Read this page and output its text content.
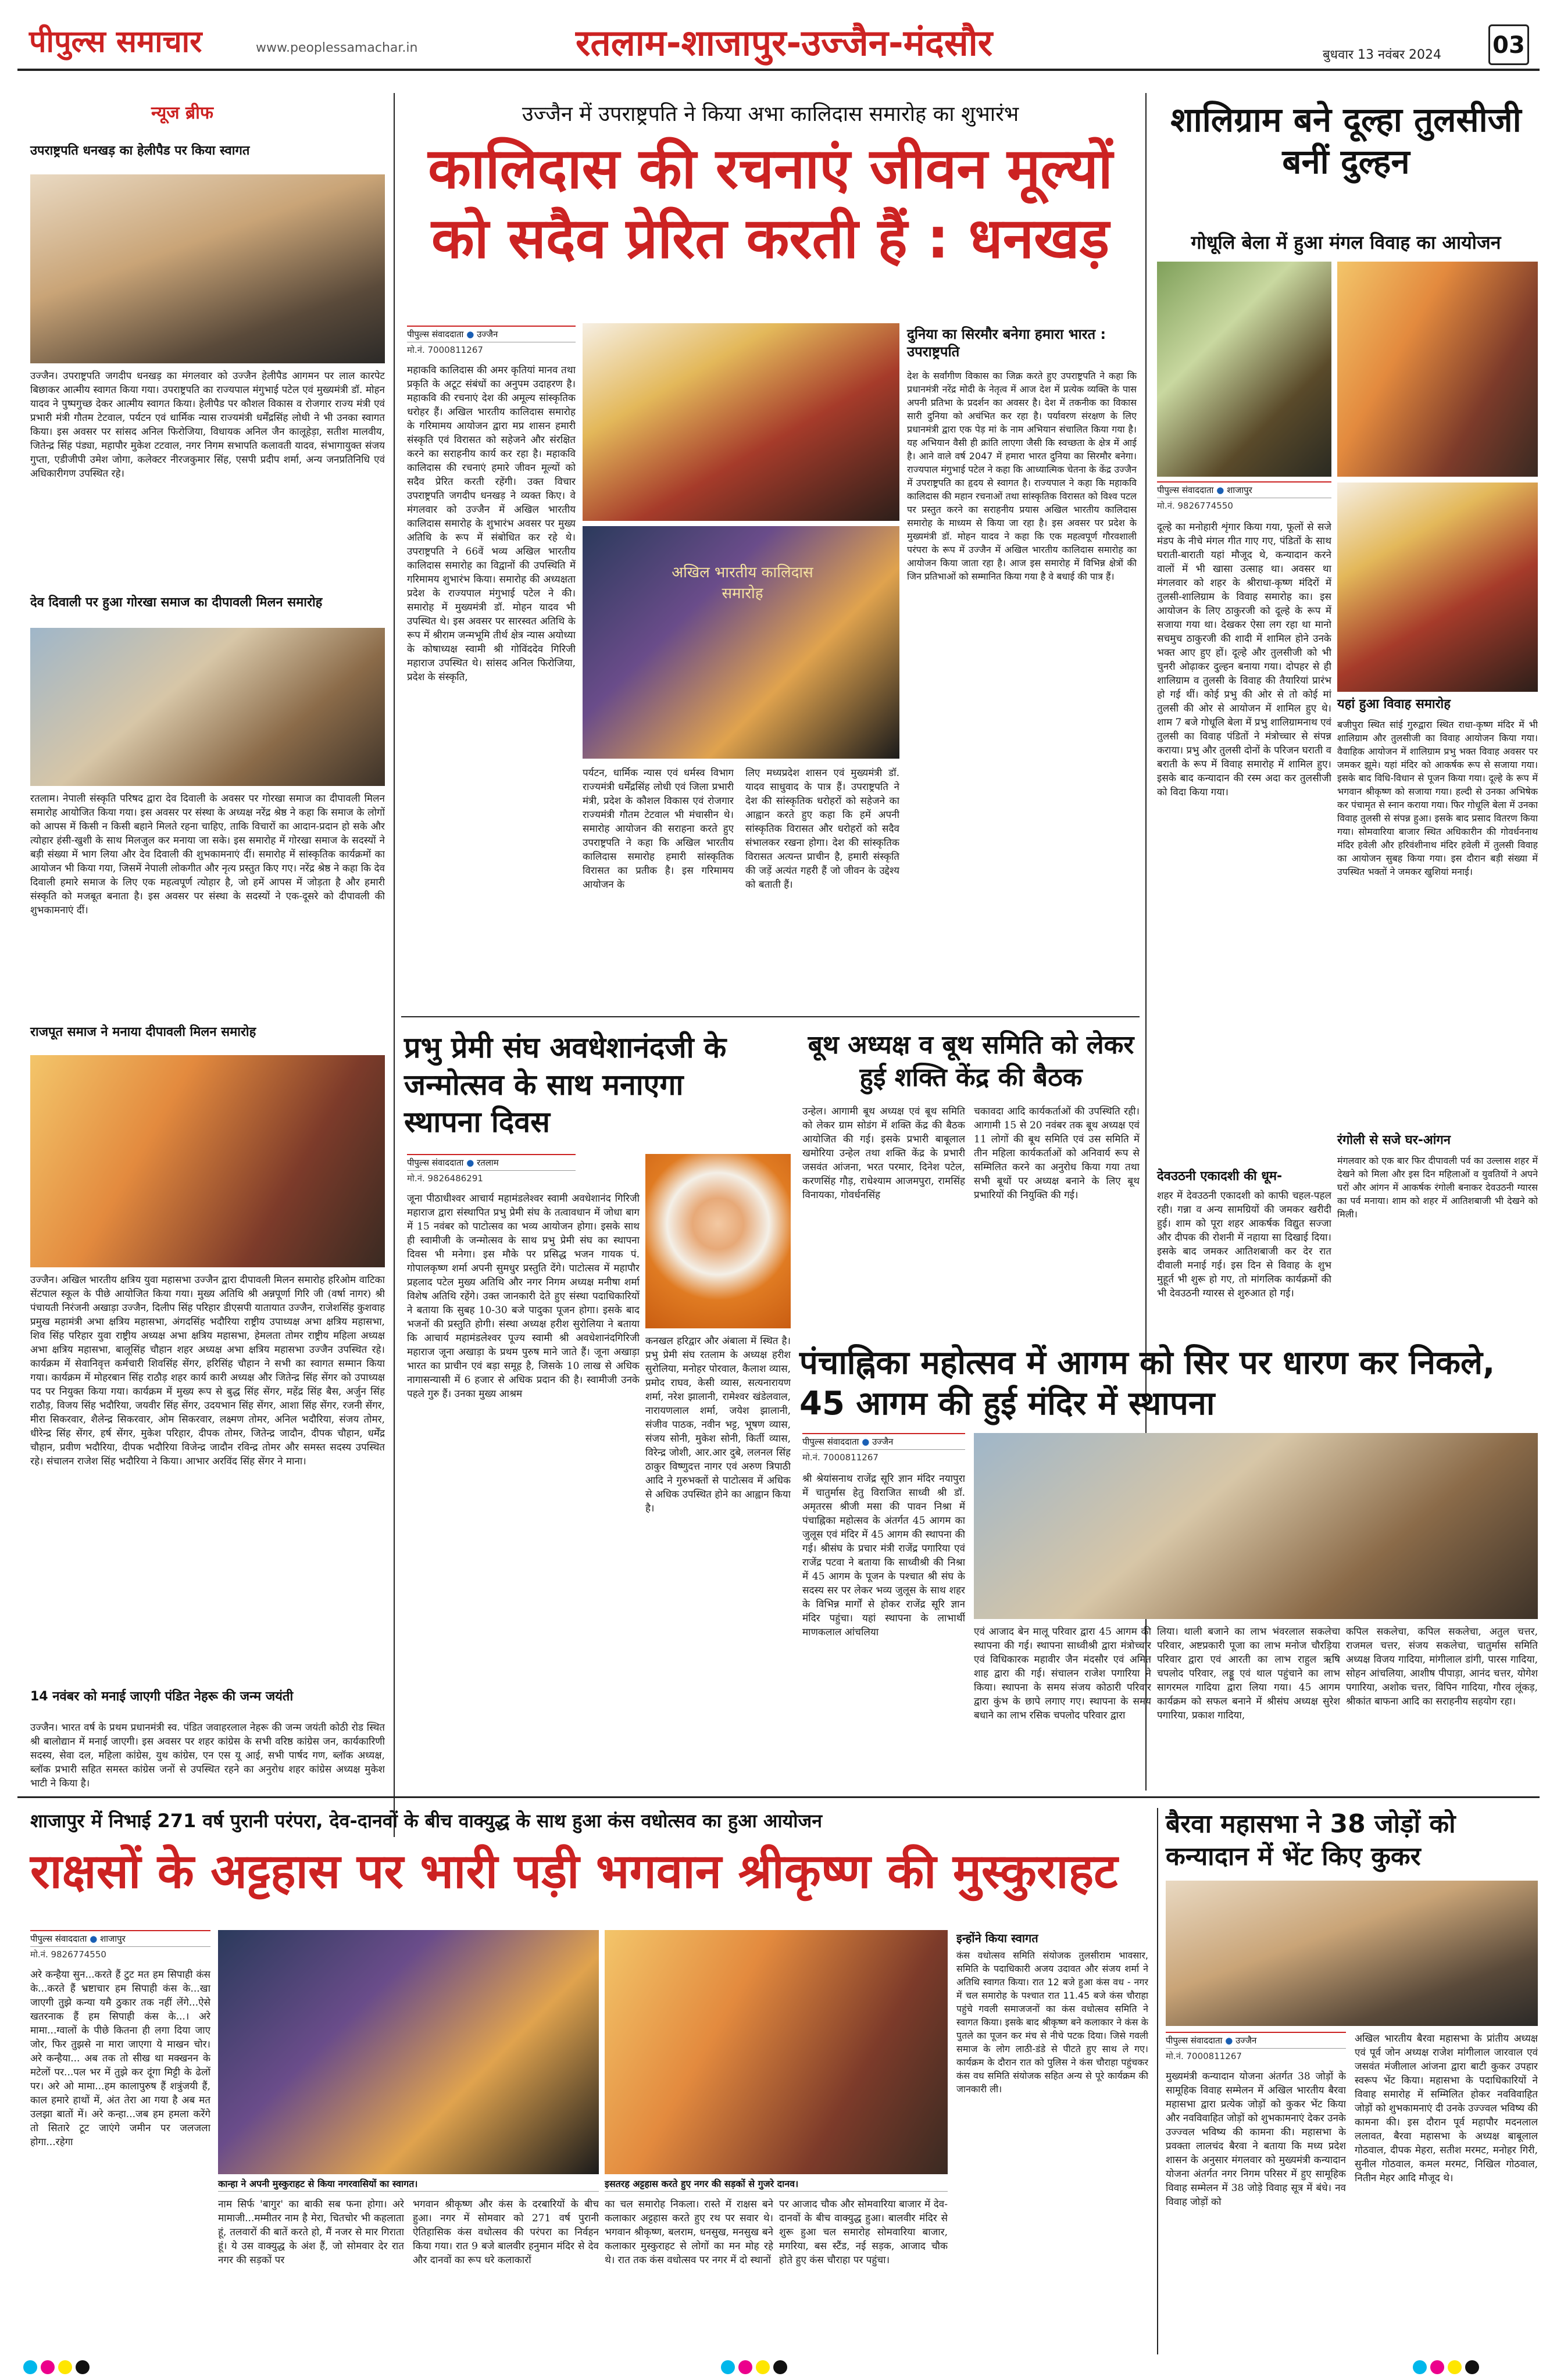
पीपुल्स समाचार	www.peoplessamachar.in	रतलाम-शाजापुर-उज्जैन-मंदसौर	बुधवार 13 नवंबर 2024 03
न्यूज ब्रीफ
उपराष्ट्रपति धनखड़ का हेलीपैड पर किया स्वागत
उज्जैन। उपराष्ट्रपति जगदीप धनखड़ का मंगलवार को उज्जैन हेलीपैड आगमन पर लाल कारपेट बिछाकर आत्मीय स्वागत किया गया। उपराष्ट्रपति का राज्यपाल मंगुभाई पटेल एवं मुख्यमंत्री डॉ. मोहन यादव ने पुष्पगुच्छ देकर आत्मीय स्वागत किया। हेलीपैड पर कौशल विकास व रोजगार राज्य मंत्री एवं प्रभारी मंत्री गौतम टेटवाल, पर्यटन एवं धार्मिक न्यास राज्यमंत्री धर्मेंद्रसिंह लोधी ने भी उनका स्वागत किया। इस अवसर पर सांसद अनिल फिरोजिया, विधायक अनिल जैन कालूहेड़ा, सतीश मालवीय, जितेन्द्र सिंह पंड्या, महापौर मुकेश टटवाल, नगर निगम सभापति कलावती यादव, संभागायुक्त संजय गुप्ता, एडीजीपी उमेश जोगा, कलेक्टर नीरजकुमार सिंह, एसपी प्रदीप शर्मा, अन्य जनप्रतिनिधि एवं अधिकारीगण उपस्थित रहे।
देव दिवाली पर हुआ गोरखा समाज का दीपावली मिलन समारोह
रतलाम। नेपाली संस्कृति परिषद द्वारा देव दिवाली के अवसर पर गोरखा समाज का दीपावली मिलन समारोह आयोजित किया गया। इस अवसर पर संस्था के अध्यक्ष नरेंद्र श्रेष्ठ ने कहा कि समाज के लोगों को आपस में किसी न किसी बहाने मिलते रहना चाहिए, ताकि विचारों का आदान-प्रदान हो सके और त्योहार हंसी-खुशी के साथ मिलजुल कर मनाया जा सके। इस समारोह में गोरखा समाज के सदस्यों ने बड़ी संख्या में भाग लिया और देव दिवाली की शुभकामनाएं दीं। समारोह में सांस्कृतिक कार्यक्रमों का आयोजन भी किया गया, जिसमें नेपाली लोकगीत और नृत्य प्रस्तुत किए गए। नरेंद्र श्रेष्ठ ने कहा कि देव दिवाली हमारे समाज के लिए एक महत्वपूर्ण त्योहार है, जो हमें आपस में जोड़ता है और हमारी संस्कृति को मजबूत बनाता है। इस अवसर पर संस्था के सदस्यों ने एक-दूसरे को दीपावली की शुभकामनाएं दीं।
राजपूत समाज ने मनाया दीपावली मिलन समारोह
उज्जैन। अखिल भारतीय क्षत्रिय युवा महासभा उज्जैन द्वारा दीपावली मिलन समारोह हरिओम वाटिका सेंटपाल स्कूल के पीछे आयोजित किया गया। मुख्य अतिथि श्री अन्नपूर्णा गिरि जी (वर्षा नागर) श्री पंचायती निरंजनी अखाड़ा उज्जैन, दिलीप सिंह परिहार डीएसपी यातायात उज्जैन, राजेशसिंह कुशवाह प्रमुख महामंत्री अभा क्षत्रिय महासभा, अंगदसिंह भदौरिया राष्ट्रीय उपाध्यक्ष अभा क्षत्रिय महासभा, शिव सिंह परिहार युवा राष्ट्रीय अध्यक्ष अभा क्षत्रिय महासभा, हेमलता तोमर राष्ट्रीय महिला अध्यक्ष अभा क्षत्रिय महासभा, बालूसिंह चौहान शहर अध्यक्ष अभा क्षत्रिय महासभा उज्जैन उपस्थित रहे। कार्यक्रम में सेवानिवृत्त कर्मचारी शिवसिंह सेंगर, हरिसिंह चौहान ने सभी का स्वागत सम्मान किया गया। कार्यक्रम में मोहरबान सिंह राठौड़ शहर कार्य कारी अध्यक्ष और जितेन्द्र सिंह सेंगर को उपाध्यक्ष पद पर नियुक्त किया गया। कार्यक्रम में मुख्य रूप से बुद्ध सिंह सेंगर, महेंद्र सिंह बैस, अर्जुन सिंह राठौड़, विजय सिंह भदौरिया, जयवीर सिंह सेंगर, उदयभान सिंह सेंगर, आशा सिंह सेंगर, रजनी सेंगर, मीरा सिकरवार, शैलेन्द्र सिकरवार, ओम सिकरवार, लक्ष्मण तोमर, अनिल भदौरिया, संजय तोमर, धीरेन्द्र सिंह सेंगर, हर्ष सेंगर, मुकेश परिहार, दीपक तोमर, जितेन्द्र जादौन, दीपक चौहान, धर्मेंद्र चौहान, प्रवीण भदौरिया, दीपक भदौरिया विजेन्द्र जादौन रविन्द्र तोमर और समस्त सदस्य उपस्थित रहे। संचालन राजेश सिंह भदौरिया ने किया। आभार अरविंद सिंह सेंगर ने माना।
14 नवंबर को मनाई जाएगी पंडित नेहरू की जन्म जयंती
उज्जैन। भारत वर्ष के प्रथम प्रधानमंत्री स्व. पंडित जवाहरलाल नेहरू की जन्म जयंती कोठी रोड स्थित श्री बालोद्यान में मनाई जाएगी। इस अवसर पर शहर कांग्रेस के सभी वरिष्ठ कांग्रेस जन, कार्यकारिणी सदस्य, सेवा दल, महिला कांग्रेस, युथ कांग्रेस, एन एस यू आई, सभी पार्षद गण, ब्लॉक अध्यक्ष, ब्लॉक प्रभारी सहित समस्त कांग्रेस जनों से उपस्थित रहने का अनुरोध शहर कांग्रेस अध्यक्ष मुकेश भाटी ने किया है।
उज्जैन में उपराष्ट्रपति ने किया अभा कालिदास समारोह का शुभारंभ
कालिदास की रचनाएं जीवन मूल्यों को सदैव प्रेरित करती हैं : धनखड़
पीपुल्स संवाददाता ● उज्जैन
मो.नं. 7000811267
महाकवि कालिदास की अमर कृतियां मानव तथा प्रकृति के अटूट संबंधों का अनुपम उदाहरण है। महाकवि की रचनाएं देश की अमूल्य सांस्कृतिक धरोहर हैं। अखिल भारतीय कालिदास समारोह के गरिमामय आयोजन द्वारा मप्र शासन हमारी संस्कृति एवं विरासत को सहेजने और संरक्षित करने का सराहनीय कार्य कर रहा है। महाकवि कालिदास की रचनाएं हमारे जीवन मूल्यों को सदैव प्रेरित करती रहेंगी। उक्त विचार उपराष्ट्रपति जगदीप धनखड़ ने व्यक्त किए। वे मंगलवार को उज्जैन में अखिल भारतीय कालिदास समारोह के शुभारंभ अवसर पर मुख्य अतिथि के रूप में संबोधित कर रहे थे। उपराष्ट्रपति ने 66वें भव्य अखिल भारतीय कालिदास समारोह का विद्वानों की उपस्थिति में गरिमामय शुभारंभ किया। समारोह की अध्यक्षता प्रदेश के राज्यपाल मंगुभाई पटेल ने की। समारोह में मुख्यमंत्री डॉ. मोहन यादव भी उपस्थित थे। इस अवसर पर सारस्वत अतिथि के रूप में श्रीराम जन्मभूमि तीर्थ क्षेत्र न्यास अयोध्या के कोषाध्यक्ष स्वामी श्री गोविंददेव गिरिजी महाराज उपस्थित थे। सांसद अनिल फिरोजिया, प्रदेश के संस्कृति,
अखिल भारतीय कालिदास समारोह
पर्यटन, धार्मिक न्यास एवं धर्मस्व विभाग राज्यमंत्री धर्मेंद्रसिंह लोधी एवं जिला प्रभारी मंत्री, प्रदेश के कौशल विकास एवं रोजगार राज्यमंत्री गौतम टेटवाल भी मंचासीन थे। समारोह आयोजन की सराहना करते हुए उपराष्ट्रपति ने कहा कि अखिल भारतीय कालिदास समारोह हमारी सांस्कृतिक विरासत का प्रतीक है। इस गरिमामय आयोजन के
लिए मध्यप्रदेश शासन एवं मुख्यमंत्री डॉ. यादव साधुवाद के पात्र हैं। उपराष्ट्रपति ने देश की सांस्कृतिक धरोहरों को सहेजने का आह्वान करते हुए कहा कि हमें अपनी सांस्कृतिक विरासत और धरोहरों को सदैव संभालकर रखना होगा। देश की सांस्कृतिक विरासत अत्यन्त प्राचीन है, हमारी संस्कृति की जड़ें अत्यंत गहरी हैं जो जीवन के उद्देश्य को बताती हैं।
दुनिया का सिरमौर बनेगा हमारा भारत : उपराष्ट्रपति
देश के सर्वांगीण विकास का जिक्र करते हुए उपराष्ट्रपति ने कहा कि प्रधानमंत्री नरेंद्र मोदी के नेतृत्व में आज देश में प्रत्येक व्यक्ति के पास अपनी प्रतिभा के प्रदर्शन का अवसर है। देश में तकनीक का विकास सारी दुनिया को अचंभित कर रहा है। पर्यावरण संरक्षण के लिए प्रधानमंत्री द्वारा एक पेड़ मां के नाम अभियान संचालित किया गया है। यह अभियान वैसी ही क्रांति लाएगा जैसी कि स्वच्छता के क्षेत्र में आई है। आने वाले वर्ष 2047 में हमारा भारत दुनिया का सिरमौर बनेगा। राज्यपाल मंगुभाई पटेल ने कहा कि आध्यात्मिक चेतना के केंद्र उज्जैन में उपराष्ट्रपति का हृदय से स्वागत है। राज्यपाल ने कहा कि महाकवि कालिदास की महान रचनाओं तथा सांस्कृतिक विरासत को विश्व पटल पर प्रस्तुत करने का सराहनीय प्रयास अखिल भारतीय कालिदास समारोह के माध्यम से किया जा रहा है। इस अवसर पर प्रदेश के मुख्यमंत्री डॉ. मोहन यादव ने कहा कि एक महत्वपूर्ण गौरवशाली परंपरा के रूप में उज्जैन में अखिल भारतीय कालिदास समारोह का आयोजन किया जाता रहा है। आज इस समारोह में विभिन्न क्षेत्रों की जिन प्रतिभाओं को सम्मानित किया गया है वे बधाई की पात्र हैं।
शालिग्राम बने दूल्हा तुलसीजी बनीं दुल्हन
गोधूलि बेला में हुआ मंगल विवाह का आयोजन
पीपुल्स संवाददाता ● शाजापुर
मो.नं. 9826774550
दूल्हे का मनोहारी शृंगार किया गया, फूलों से सजे मंडप के नीचे मंगल गीत गाए गए, पंडितों के साथ घराती-बाराती यहां मौजूद थे, कन्यादान करने वालों में भी खासा उत्साह था। अवसर था मंगलवार को शहर के श्रीराधा-कृष्ण मंदिरों में तुलसी-शालिग्राम के विवाह समारोह का। इस आयोजन के लिए ठाकुरजी को दूल्हे के रूप में सजाया गया था। देखकर ऐसा लग रहा था मानो सचमुच ठाकुरजी की शादी में शामिल होने उनके भक्त आए हुए हों। दूल्हे और तुलसीजी को भी चुनरी ओढ़ाकर दुल्हन बनाया गया। दोपहर से ही शालिग्राम व तुलसी के विवाह की तैयारियां प्रारंभ हो गई थीं। कोई प्रभु की ओर से तो कोई मां तुलसी की ओर से आयोजन में शामिल हुए थे। शाम 7 बजे गोधूलि बेला में प्रभु शालिग्रामनाथ एवं तुलसी का विवाह पंडितों ने मंत्रोच्चार से संपन्न कराया। प्रभु और तुलसी दोनों के परिजन घराती व बराती के रूप में विवाह समारोह में शामिल हुए। इसके बाद कन्यादान की रस्म अदा कर तुलसीजी को विदा किया गया।
यहां हुआ विवाह समारोह
बजीपुरा स्थित सांई गुरुद्वारा स्थित राधा-कृष्ण मंदिर में भी शालिग्राम और तुलसीजी का विवाह आयोजन किया गया। वैवाहिक आयोजन में शालिग्राम प्रभु भक्त विवाह अवसर पर जमकर झूमे। यहां मंदिर को आकर्षक रूप से सजाया गया। इसके बाद विधि-विधान से पूजन किया गया। दूल्हे के रूप में भगवान श्रीकृष्ण को सजाया गया। हल्दी से उनका अभिषेक कर पंचामृत से स्नान कराया गया। फिर गोधूलि बेला में उनका विवाह तुलसी से संपन्न हुआ। इसके बाद प्रसाद वितरण किया गया। सोमवारिया बाजार स्थित अधिकारीन की गोवर्धननाथ मंदिर हवेली और हरिवंशीनाथ मंदिर हवेली में तुलसी विवाह का आयोजन सुबह किया गया। इस दौरान बड़ी संख्या में उपस्थित भक्तों ने जमकर खुशियां मनाई।
देवउठनी एकादशी की धूम-
शहर में देवउठनी एकादशी को काफी चहल-पहल रही। गन्ना व अन्य सामग्रियों की जमकर खरीदी हुई। शाम को पूरा शहर आकर्षक विद्युत सज्जा और दीपक की रोशनी में नहाया सा दिखाई दिया। इसके बाद जमकर आतिशबाजी कर देर रात दीवाली मनाई गई। इस दिन से विवाह के शुभ मुहूर्त भी शुरू हो गए, तो मांगलिक कार्यक्रमों की भी देवउठनी ग्यारस से शुरुआत हो गई।
रंगोली से सजे घर-आंगन
मंगलवार को एक बार फिर दीपावली पर्व का उल्लास शहर में देखने को मिला और इस दिन महिलाओं व युवतियों ने अपने घरों और आंगन में आकर्षक रंगोली बनाकर देवउठनी ग्यारस का पर्व मनाया। शाम को शहर में आतिशबाजी भी देखने को मिली।
प्रभु प्रेमी संघ अवधेशानंदजी के जन्मोत्सव के साथ मनाएगा स्थापना दिवस
पीपुल्स संवाददाता ● रतलाम
मो.नं. 9826486291
जूना पीठाधीश्वर आचार्य महामंडलेश्वर स्वामी अवधेशानंद गिरिजी महाराज द्वारा संस्थापित प्रभु प्रेमी संघ के तत्वावधान में जोधा बाग में 15 नवंबर को पाटोत्सव का भव्य आयोजन होगा। इसके साथ ही स्वामीजी के जन्मोत्सव के साथ प्रभु प्रेमी संघ का स्थापना दिवस भी मनेगा। इस मौके पर प्रसिद्ध भजन गायक पं. गोपालकृष्ण शर्मा अपनी सुमधुर प्रस्तुति देंगे। पाटोत्सव में महापौर प्रहलाद पटेल मुख्य अतिथि और नगर निगम अध्यक्ष मनीषा शर्मा विशेष अतिथि रहेंगे। उक्त जानकारी देते हुए संस्था पदाधिकारियों ने बताया कि सुबह 10-30 बजे पादुका पूजन होगा। इसके बाद भजनों की प्रस्तुति होगी। संस्था अध्यक्ष हरीश सुरोलिया ने बताया कि आचार्य महामंडलेश्वर पूज्य स्वामी श्री अवधेशानंदगिरिजी महाराज जूना अखाड़ा के प्रथम पुरुष माने जाते हैं। जूना अखाड़ा भारत का प्राचीन एवं बड़ा समूह है, जिसके 10 लाख से अधिक नागासन्यासी में 6 हजार से अधिक प्रदान की है। स्वामीजी उनके पहले गुरु हैं। उनका मुख्य आश्रम
कनखल हरिद्वार और अंबाला में स्थित है। प्रभु प्रेमी संघ रतलाम के अध्यक्ष हरीश सुरोलिया, मनोहर पोरवाल, कैलाश व्यास, प्रमोद राघव, केसी व्यास, सत्यनारायण शर्मा, नरेश झालानी, रामेश्वर खंडेलवाल, नारायणलाल शर्मा, जयेश झालानी, संजीव पाठक, नवीन भट्ट, भूषण व्यास, संजय सोनी, मुकेश सोनी, किर्ती व्यास, विरेन्द्र जोशी, आर.आर दुबे, ललनल सिंह ठाकुर विष्णुदत्त नागर एवं अरुण त्रिपाठी आदि ने गुरुभक्तों से पाटोत्सव में अधिक से अधिक उपस्थित होने का आह्वान किया है।
बूथ अध्यक्ष व बूथ समिति को लेकर हुई शक्ति केंद्र की बैठक
उन्हेल। आगामी बूथ अध्यक्ष एवं बूथ समिति को लेकर ग्राम सोडंग में शक्ति केंद्र की बैठक आयोजित की गई। इसके प्रभारी बाबूलाल खमोरिया उन्हेल तथा शक्ति केंद्र के प्रभारी जसवंत आंजना, भरत परमार, दिनेश पटेल, करणसिंह गौड़, राधेश्याम आजमपुरा, रामसिंह विनायका, गोवर्धनसिंह
चकावदा आदि कार्यकर्ताओं की उपस्थिति रही। आगामी 15 से 20 नवंबर तक बूथ अध्यक्ष एवं 11 लोगों की बूथ समिति एवं उस समिति में तीन महिला कार्यकर्ताओं को अनिवार्य रूप से सम्मिलित करने का अनुरोध किया गया तथा सभी बूथों पर अध्यक्ष बनाने के लिए बूथ प्रभारियों की नियुक्ति की गई।
पंचाह्निका महोत्सव में आगम को सिर पर धारण कर निकले, 45 आगम की हुई मंदिर में स्थापना
पीपुल्स संवाददाता ● उज्जैन
मो.नं. 7000811267
श्री श्रेयांसनाथ राजेंद्र सूरि ज्ञान मंदिर नयापुरा में चातुर्मास हेतु विराजित साध्वी श्री डॉ. अमृतरस श्रीजी मसा की पावन निश्रा में पंचाह्निका महोत्सव के अंतर्गत 45 आगम का जुलूस एवं मंदिर में 45 आगम की स्थापना की गई। श्रीसंघ के प्रचार मंत्री राजेंद्र पगारिया एवं राजेंद्र पटवा ने बताया कि साध्वीश्री की निश्रा में 45 आगम के पूजन के पश्चात श्री संघ के सदस्य सर पर लेकर भव्य जुलूस के साथ शहर के विभिन्न मार्गों से होकर राजेंद्र सूरि ज्ञान मंदिर पहुंचा। यहां स्थापना के लाभार्थी माणकलाल आंचलिया	एवं आजाद बेन मालू परिवार द्वारा 45 आगम की स्थापना की गई। स्थापना साध्वीश्री द्वारा मंत्रोच्चार एवं विधिकारक महावीर जैन मंदसौर एवं अमित शाह द्वारा की गई। संचालन राजेश पगारिया ने किया। स्थापना के समय संजय कोठारी परिवार द्वारा कुंभ के छापे लगाए गए। स्थापना के समय बधाने का लाभ रसिक चपलोद परिवार द्वारा
लिया। थाली बजाने का लाभ भंवरलाल सकलेचा परिवार, अष्टप्रकारी पूजा का लाभ मनोज चौरड़िया परिवार द्वारा एवं आरती का लाभ राहुल ऋषि चपलोद परिवार, लड्डू एवं थाल पहुंचाने का लाभ सागरमल गादिया द्वारा लिया गया। 45 आगम कार्यक्रम को सफल बनाने में श्रीसंघ अध्यक्ष सुरेश पगारिया, प्रकाश गादिया,
कपिल सकलेचा, कपिल सकलेचा, अतुल चत्तर, राजमल चत्तर, संजय सकलेचा, चातुर्मास समिति अध्यक्ष विजय गादिया, मांगीलाल डांगी, पारस गादिया, सोहन आंचलिया, आशीष पीपाड़ा, आनंद चत्तर, योगेश पगारिया, अशोक चत्तर, विपिन गादिया, गौरव लूंकड़, श्रीकांत बाफना आदि का सराहनीय सहयोग रहा।
शाजापुर में निभाई 271 वर्ष पुरानी परंपरा, देव-दानवों के बीच वाक्युद्ध के साथ हुआ कंस वधोत्सव का हुआ आयोजन
राक्षसों के अट्टहास पर भारी पड़ी भगवान श्रीकृष्ण की मुस्कुराहट
पीपुल्स संवाददाता ● शाजापुर
मो.नं. 9826774550
अरे कन्हैया सुन...करते हैं टुट मत हम सिपाही कंस के...करते हैं भ्रष्टाचार हम सिपाही कंस के...खा जाएगी तुझे कन्या यमै ठुकार तक नहीं लेंगे...ऐसे खतरनाक हैं हम सिपाही कंस के...। अरे मामा...ग्वालों के पीछे कितना ही लगा दिया जाए जोर, फिर तुझसे ना मारा जाएगा ये माखन चोर। अरे कन्हैया... अब तक तो सीख था मक्खनन के मटेलों पर...पल भर में तुझे कर दूंगा मिट्टी के ढेलों पर। अरे ओ मामा...हम कालापुरुष हैं शत्रुंजयी हैं, काल हमारे हाथों में, अंत तेरा आ गया है अब मत उलझा बातों में। अरे कन्हा...जब हम हमला करेंगे तो सितारे टूट जाएंगे जमीन पर जलजला होगा...रहेगा
कान्हा ने अपनी मुस्कुराहट से किया नगरवासियों का स्वागत।	इसतरह अट्टहास करते हुए नगर की सड़कों से गुजरे दानव।
नाम सिर्फ 'बागुर' का बाकी सब फना होगा। अरे मामाजी...मम्मीतर नाम है मेरा, चितचोर भी कहलाता हूं, तलवारों की बातें करते हो, मैं नजर से मार गिराता हूं। ये उस वाक्युद्ध के अंश हैं, जो सोमवार देर रात नगर की सड़कों पर
भगवान श्रीकृष्ण और कंस के दरबारियों के बीच हुआ। नगर में सोमवार को 271 वर्ष पुरानी ऐतिहासिक कंस वधोत्सव की परंपरा का निर्वहन किया गया। रात 9 बजे बालवीर हनुमान मंदिर से देव और दानवों का रूप धरे कलाकारों
का चल समारोह निकला। रास्ते में राक्षस बने कलाकार अट्टहास करते हुए रथ पर सवार थे। भगवान श्रीकृष्ण, बलराम, धनसुख, मनसुख बने कलाकार मुस्कुराहट से लोगों का मन मोह रहे थे। रात तक कंस वधोत्सव पर नगर में दो स्थानों
पर आजाद चौक और सोमवारिया बाजार में देव-दानवों के बीच वाक्युद्ध हुआ। बालवीर मंदिर से शुरू हुआ चल समारोह सोमवारिया बाजार, मगरिया, बस स्टैंड, नई सड़क, आजाद चौक होते हुए कंस चौराहा पर पहुंचा।
इन्होंने किया स्वागत
कंस वधोत्सव समिति संयोजक तुलसीराम भावसार, समिति के पदाधिकारी अजय उदावत और संजय शर्मा ने अतिथि स्वागत किया। रात 12 बजे हुआ कंस वध - नगर में चल समारोह के पश्चात रात 11.45 बजे कंस चौराहा पहुंचे गवली समाजजनों का कंस वधोत्सव समिति ने स्वागत किया। इसके बाद श्रीकृष्ण बने कलाकार ने कंस के पुतले का पूजन कर मंच से नीचे पटक दिया। जिसे गवली समाज के लोग लाठी-डंडे से पीटते हुए साथ ले गए। कार्यक्रम के दौरान रात को पुलिस ने कंस चौराहा पहुंचकर कंस वध समिति संयोजक सहित अन्य से पूरे कार्यक्रम की जानकारी ली।
बैरवा महासभा ने 38 जोड़ों को कन्यादान में भेंट किए कुकर
पीपुल्स संवाददाता ● उज्जैन
मो.नं. 7000811267
मुख्यमंत्री कन्यादान योजना अंतर्गत 38 जोड़ों के सामूहिक विवाह सम्मेलन में अखिल भारतीय बैरवा महासभा द्वारा प्रत्येक जोड़ों को कुकर भेंट किया और नवविवाहित जोड़ों को शुभकामनाएं देकर उनके उज्ज्वल भविष्य की कामना की। महासभा के प्रवक्ता लालचंद बैरवा ने बताया कि मध्य प्रदेश शासन के अनुसार मंगलवार को मुख्यमंत्री कन्यादान योजना अंतर्गत नगर निगम परिसर में हुए सामूहिक विवाह सम्मेलन में 38 जोड़े विवाह सूत्र में बंधे। नव विवाह जोड़ों को
अखिल भारतीय बैरवा महासभा के प्रांतीय अध्यक्ष एवं पूर्व जोन अध्यक्ष राजेश मांगीलाल जारवाल एवं जसवंत मंजीलाल आंजना द्वारा बाटी कुकर उपहार स्वरूप भेंट किया। महासभा के पदाधिकारियों ने विवाह समारोह में सम्मिलित होकर नवविवाहित जोड़ों को शुभकामनाएं दी उनके उज्ज्वल भविष्य की कामना की। इस दौरान पूर्व महापौर मदनलाल ललावत, बैरवा महासभा के अध्यक्ष बाबूलाल गोठवाल, दीपक मेहरा, सतीश मरमट, मनोहर गिरी, सुनील गोठवाल, कमल मरमट, निखिल गोठवाल, नितीन मेहर आदि मौजूद थे।
